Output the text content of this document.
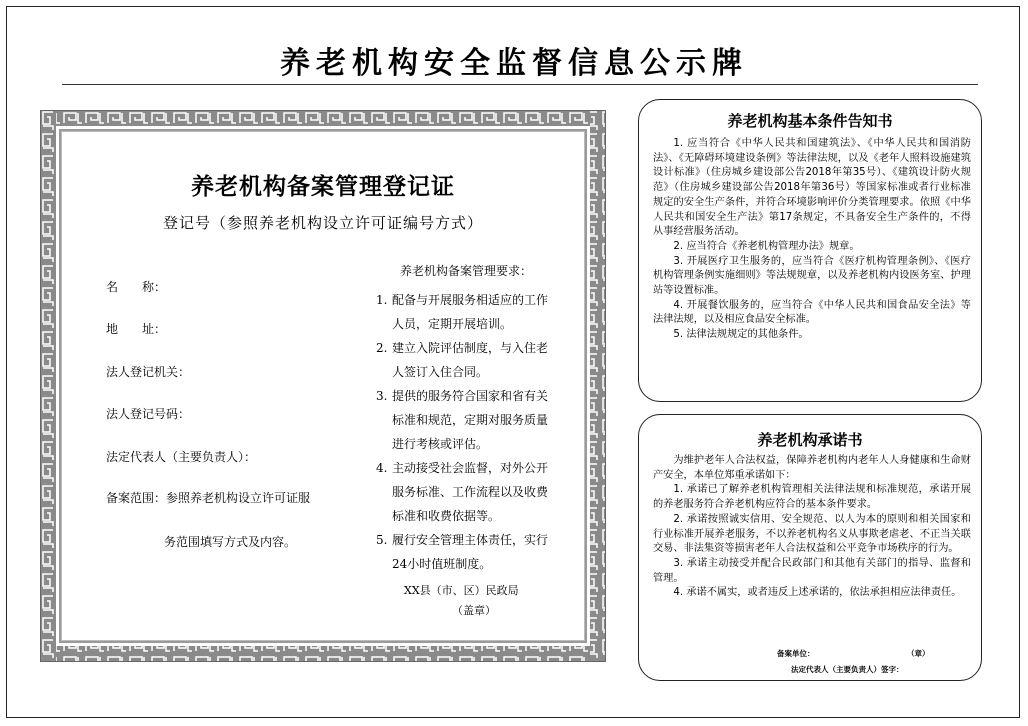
养老机构安全监督信息公示牌
养老机构备案管理登记证
登记号（参照养老机构设立许可证编号方式）
名　　称：
地　　址：
法人登记机关：
法人登记号码：
法定代表人（主要负责人）：
备案范围：参照养老机构设立许可证服
务范围填写方式及内容。
养老机构备案管理要求：
1. 配备与开展服务相适应的工作人员，定期开展培训。
2. 建立入院评估制度，与入住老人签订入住合同。
3. 提供的服务符合国家和省有关标准和规范，定期对服务质量进行考核或评估。
4. 主动接受社会监督，对外公开服务标准、工作流程以及收费标准和收费依据等。
5. 履行安全管理主体责任，实行24小时值班制度。
XX县（市、区）民政局
（盖章）
养老机构基本条件告知书

1. 应当符合《中华人民共和国建筑法》、《中华人民共和国消防法》、《无障碍环境建设条例》等法律法规，以及《老年人照料设施建筑设计标准》（住房城乡建设部公告2018年第35号）、《建筑设计防火规范》（住房城乡建设部公告2018年第36号）等国家标准或者行业标准规定的安全生产条件，并符合环境影响评价分类管理要求。依照《中华人民共和国安全生产法》第17条规定，不具备安全生产条件的，不得从事经营服务活动。

2. 应当符合《养老机构管理办法》规章。

3. 开展医疗卫生服务的，应当符合《医疗机构管理条例》、《医疗机构管理条例实施细则》等法规规章，以及养老机构内设医务室、护理站等设置标准。

4. 开展餐饮服务的，应当符合《中华人民共和国食品安全法》等法律法规，以及相应食品安全标准。

5. 法律法规规定的其他条件。

养老机构承诺书

为维护老年人合法权益，保障养老机构内老年人人身健康和生命财产安全，本单位郑重承诺如下：

1. 承诺已了解养老机构管理相关法律法规和标准规范，承诺开展的养老服务符合养老机构应符合的基本条件要求。

2. 承诺按照诚实信用、安全规范、以人为本的原则和相关国家和行业标准开展养老服务，不以养老机构名义从事欺老虐老、不正当关联交易、非法集资等损害老年人合法权益和公平竞争市场秩序的行为。

3. 承诺主动接受并配合民政部门和其他有关部门的指导、监督和管理。

4. 承诺不属实，或者违反上述承诺的，依法承担相应法律责任。

备案单位：	（章）
法定代表人（主要负责人）签字：
